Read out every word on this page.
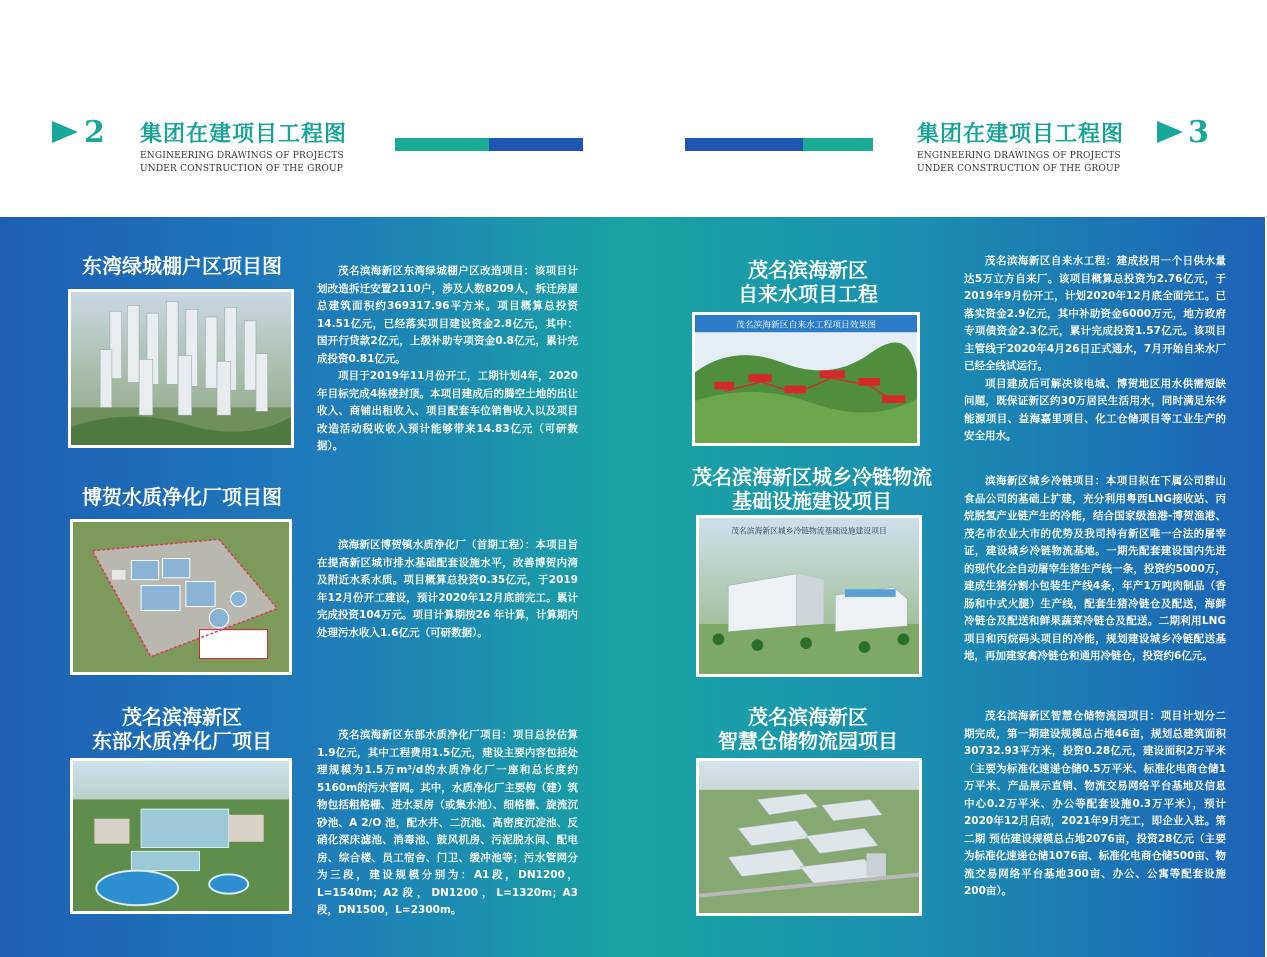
2 集团在建项目工程图
ENGINEERING DRAWINGS OF PROJECTS
UNDER CONSTRUCTION OF THE GROUP
集团在建项目工程图
ENGINEERING DRAWINGS OF PROJECTS
UNDER CONSTRUCTION OF THE GROUP
3
东湾绿城棚户区项目图	茂名滨海新区东湾绿城棚户区改造项目：该项目计划改造拆迁安置2110户，涉及人数8209人，拆迁房屋总建筑面积约369317.96平方米。项目概算总投资14.51亿元，已经落实项目建设资金2.8亿元，其中：国开行贷款2亿元，上级补助专项资金0.8亿元，累计完成投资0.81亿元。

项目于2019年11月份开工，工期计划4年，2020年目标完成4栋楼封顶。本项目建成后的腾空土地的出让收入、商铺出租收入、项目配套车位销售收入以及项目改造活动税收收入预计能够带来14.83亿元（可研数据）。

博贺水质净化厂项目图

滨海新区博贺镇水质净化厂（首期工程）：本项目旨在提高新区城市排水基础配套设施水平，改善博贺内湾及附近水系水质。项目概算总投资0.35亿元，于2019年12月份开工建设，预计2020年12月底前完工。累计完成投资104万元。项目计算期按26 年计算，计算期内处理污水收入1.6亿元（可研数据）。

茂名滨海新区
东部水质净化厂项目	茂名滨海新区东部水质净化厂项目：项目总投估算1.9亿元，其中工程费用1.5亿元，建设主要内容包括处理规模为1.5万m³/d的水质净化厂一座和总长度约5160m的污水管网。其中，水质净化厂主要构（建）筑物包括粗格栅、进水泵房（或集水池）、细格栅、旋流沉砂池、A 2/O 池，配水井、二沉池、高密度沉淀池、反硝化深床滤池、消毒池、鼓风机房、污泥脱水间、配电房、综合楼、员工宿舍、门卫、缓冲池等；污水管网分为三段，建设规模分别为：A1段，DN1200，L=1540m；A2段，DN1200，L=1320m；A3段，DN1500，L=2300m。

茂名滨海新区
自来水项目工程
茂名滨海新区自来水工程项目效果图

茂名滨海新区自来水工程：建成投用一个日供水量达5万立方自来厂。该项目概算总投资为2.76亿元，于2019年9月份开工，计划2020年12月底全面完工。已落实资金2.9亿元，其中补助资金6000万元，地方政府专项债资金2.3亿元，累计完成投资1.57亿元。该项目主管线于2020年4月26日正式通水，7月开始自来水厂已经全线试运行。

项目建成后可解决该电城、博贺地区用水供需短缺问题，既保证新区约30万居民生活用水，同时满足东华能源项目、益海嘉里项目、化工仓储项目等工业生产的安全用水。

茂名滨海新区城乡冷链物流
基础设施建设项目
茂名滨海新区城乡冷链物流基础设施建设项目

滨海新区城乡冷链项目：本项目拟在下属公司群山食品公司的基础上扩建，充分利用粤西LNG接收站、丙烷脱氢产业链产生的冷能，结合国家级渔港-博贺渔港、茂名市农业大市的优势及我司持有新区唯一合法的屠宰证，建设城乡冷链物流基地。一期先配套建设国内先进的现代化全自动屠宰生猪生产线一条，投资约5000万，建成生猪分割小包装生产线4条，年产1万吨肉制品（香肠和中式火腿）生产线，配套生猪冷链仓及配送，海鲜冷链仓及配送和鲜果蔬菜冷链仓及配送。二期利用LNG项目和丙烷码头项目的冷能，规划建设城乡冷链配送基地，再加建家禽冷链仓和通用冷链仓，投资约6亿元。

茂名滨海新区
智慧仓储物流园项目

茂名滨海新区智慧仓储物流园项目：项目计划分二期完成，第一期建设规模总占地46亩，规划总建筑面积30732.93平方米，投资0.28亿元，建设面积2万平米（主要为标准化速递仓储0.5万平米、标准化电商仓储1万平米、产品展示直销、物流交易网络平台基地及信息中心0.2万平米、办公等配套设施0.3万平米），预计2020年12月启动，2021年9月完工，即企业入驻。第二期 预估建设规模总占地2076亩，投资28亿元（主要为标准化速递仓储1076亩、标准化电商仓储500亩、物流交易网络平台基地300亩、办公、公寓等配套设施200亩）。
